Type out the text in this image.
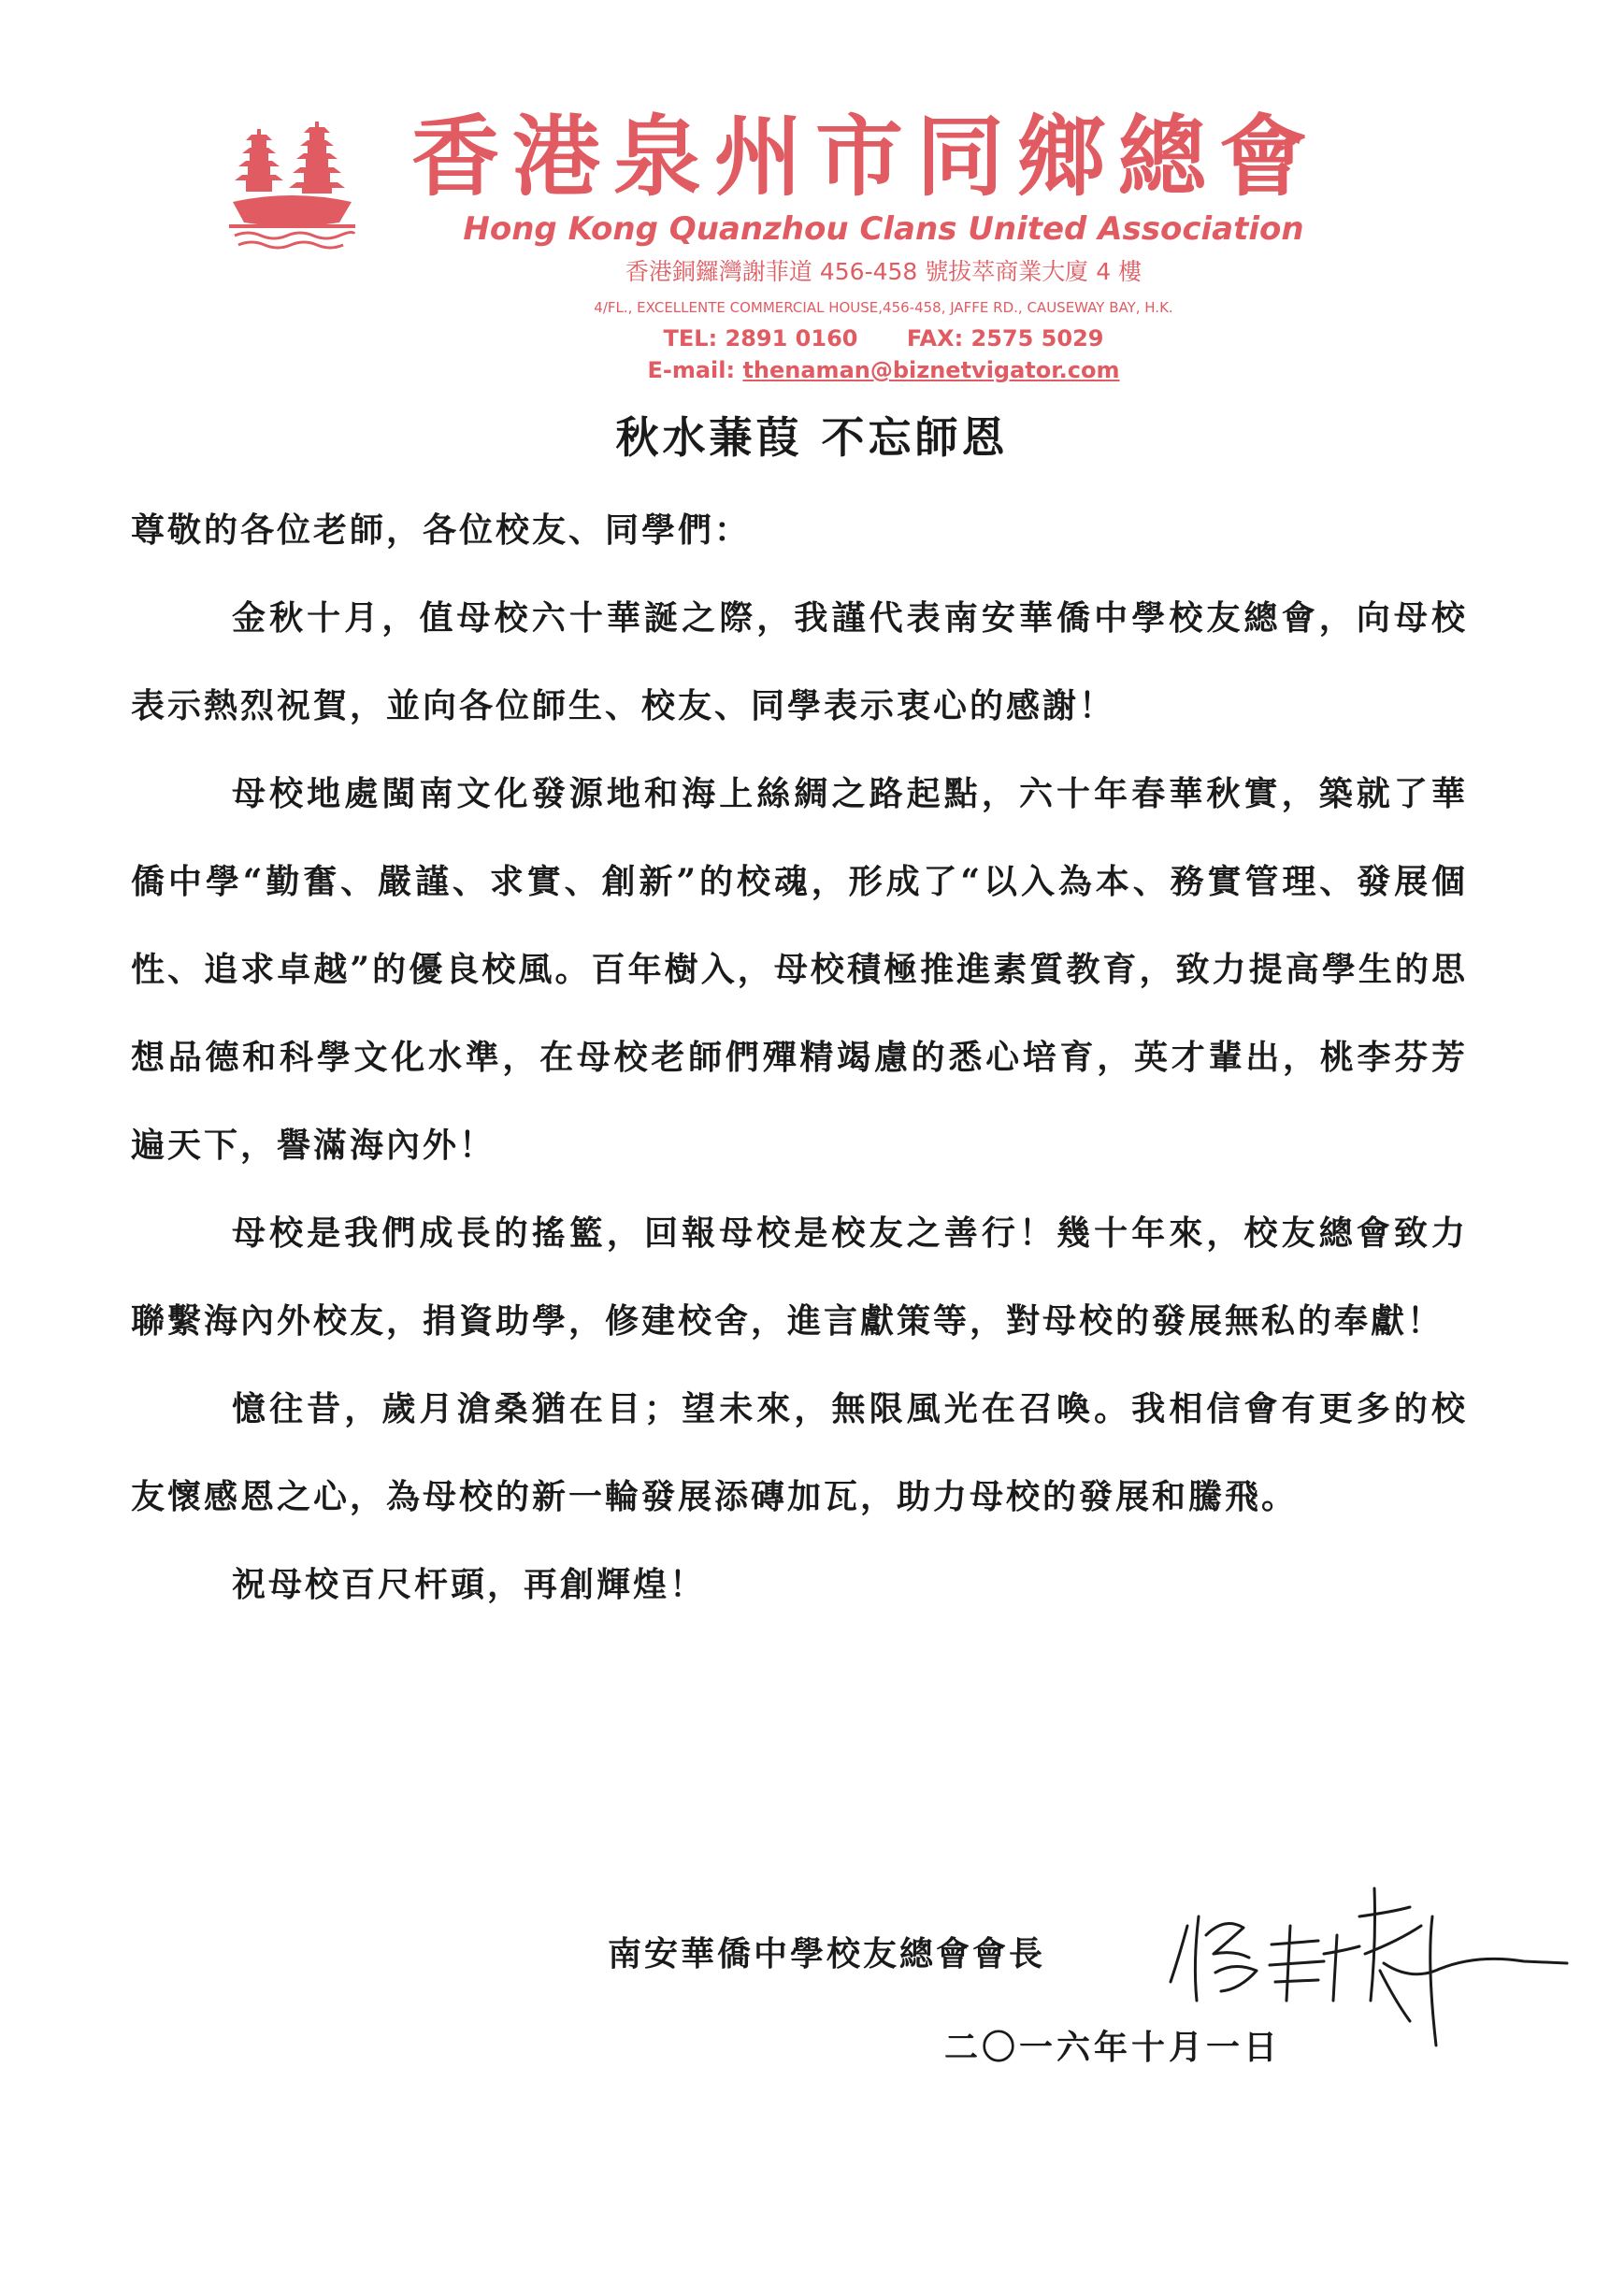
香港泉州市同鄉總會
Hong Kong Quanzhou Clans United Association
香港銅鑼灣謝菲道 456-458 號拔萃商業大廈 4 樓
4/FL., EXCELLENTE COMMERCIAL HOUSE,456-458, JAFFE RD., CAUSEWAY BAY, H.K.
TEL: 2891 0160 FAX: 2575 5029
E-mail: thenaman@biznetvigator.com
秋水蒹葭 不忘師恩

尊敬的各位老師，各位校友、同學們：

金秋十月，值母校六十華誕之際，我謹代表南安華僑中學校友總會，向母校表示熱烈祝賀，並向各位師生、校友、同學表示衷心的感謝！

母校地處閩南文化發源地和海上絲綢之路起點，六十年春華秋實，築就了華僑中學“勤奮、嚴謹、求實、創新”的校魂，形成了“以入為本、務實管理、發展個性、追求卓越”的優良校風。百年樹入，母校積極推進素質教育，致力提高學生的思想品德和科學文化水準，在母校老師們殫精竭慮的悉心培育，英才輩出，桃李芬芳遍天下，譽滿海內外！

母校是我們成長的搖籃，回報母校是校友之善行！幾十年來，校友總會致力聯繫海內外校友，捐資助學，修建校舍，進言獻策等，對母校的發展無私的奉獻！

憶往昔，歲月滄桑猶在目；望未來，無限風光在召喚。我相信會有更多的校友懷感恩之心，為母校的新一輪發展添磚加瓦，助力母校的發展和騰飛。

祝母校百尺杆頭，再創輝煌！

南安華僑中學校友總會會長
二〇一六年十月一日
